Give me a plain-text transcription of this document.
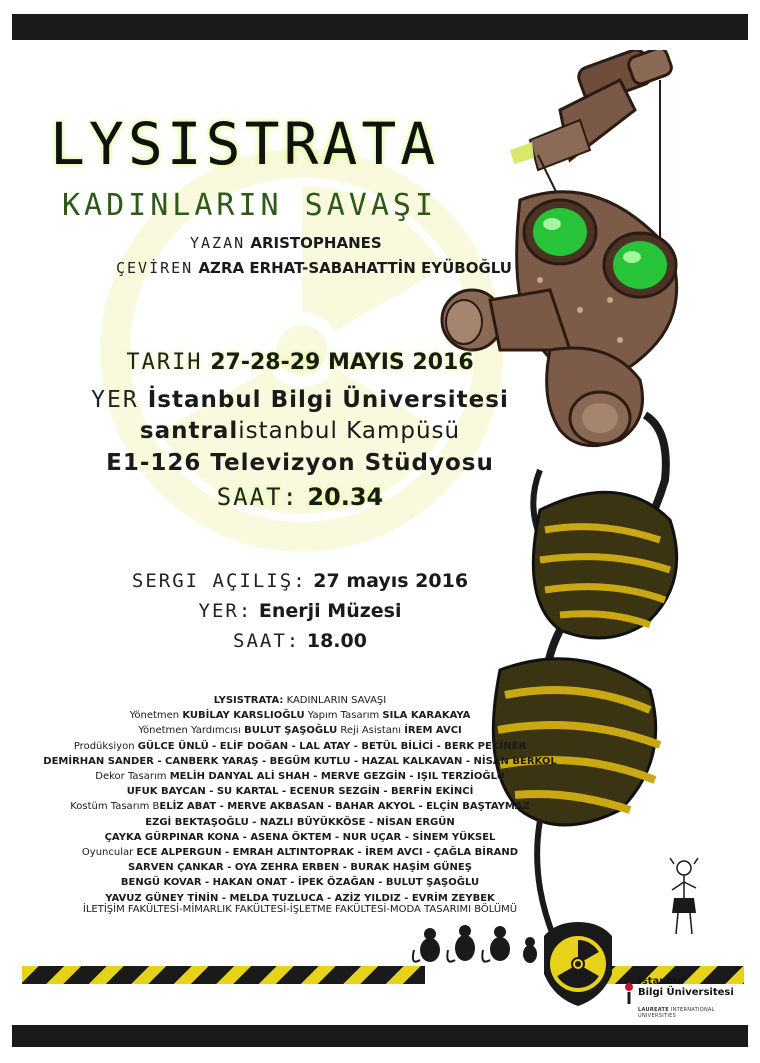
LYSISTRATA
KADINLARIN SAVAŞI
YAZAN ARISTOPHANES
ÇEVİREN AZRA ERHAT-SABAHATTİN EYÜBOĞLU
TARIH 27-28-29 MAYIS 2016
YER İstanbul Bilgi Üniversitesi
santralistanbul Kampüsü
E1-126 Televizyon Stüdyosu
SAAT: 20.34
SERGI AÇILIŞ: 27 mayıs 2016
YER: Enerji Müzesi
SAAT: 18.00
LYSISTRATA: KADINLARIN SAVAŞI
Yönetmen KUBİLAY KARSLIOĞLU Yapım Tasarım SILA KARAKAYA
Yönetmen Yardımcısı BULUT ŞAŞOĞLU Reji Asistanı İREM AVCI
Prodüksiyon GÜLCE ÜNLÜ - ELİF DOĞAN - LAL ATAY - BETÜL BİLİCİ - BERK PEKİNER
DEMİRHAN SANDER - CANBERK YARAŞ - BEGÜM KUTLU - HAZAL KALKAVAN - NİSAN BERKOL
Dekor Tasarım MELİH DANYAL ALİ SHAH - MERVE GEZGİN - IŞIL TERZİOĞLU
UFUK BAYCAN - SU KARTAL - ECENUR SEZGİN - BERFİN EKİNCİ
Kostüm Tasarım BELİZ ABAT - MERVE AKBASAN - BAHAR AKYOL - ELÇİN BAŞTAYMAZ
EZGİ BEKTAŞOĞLU - NAZLI BÜYÜKKÖSE - NİSAN ERGÜN
ÇAYKA GÜRPINAR KONA - ASENA ÖKTEM - NUR UÇAR - SİNEM YÜKSEL
Oyuncular ECE ALPERGUN - EMRAH ALTINTOPRAK - İREM AVCI - ÇAĞLA BİRAND
SARVEN ÇANKAR - OYA ZEHRA ERBEN - BURAK HAŞİM GÜNEŞ
BENGÜ KOVAR - HAKAN ONAT - İPEK ÖZAĞAN - BULUT ŞAŞOĞLU
YAVUZ GÜNEY TİNİN - MELDA TUZLUCA - AZİZ YILDIZ - EVRİM ZEYBEK
İLETİŞİM FAKÜLTESİ-MİMARLIK FAKÜLTESİ-İŞLETME FAKÜLTESİ-MODA TASARIMI BÖLÜMÜ
İstanbul
Bilgi Üniversitesi
LAUREATE INTERNATIONAL UNIVERSITIES
